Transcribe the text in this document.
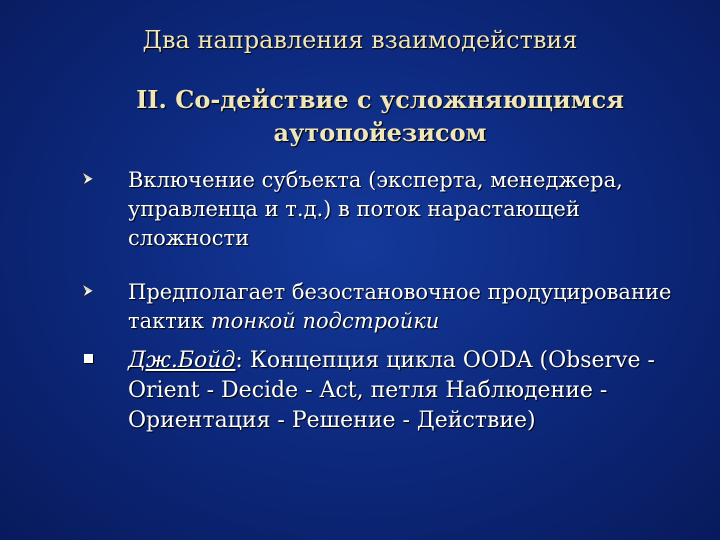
Два направления взаимодействия
II. Со-действие с усложняющимся
аутопойезисом
Включение субъекта (эксперта, менеджера, управленца и т.д.) в поток нарастающей сложности
Предполагает безостановочное продуцирование тактик тонкой подстройки
Дж.Бойд: Концепция цикла OODA (Observe - Orient - Decide - Act, петля Наблюдение - Ориентация - Решение - Действие)
